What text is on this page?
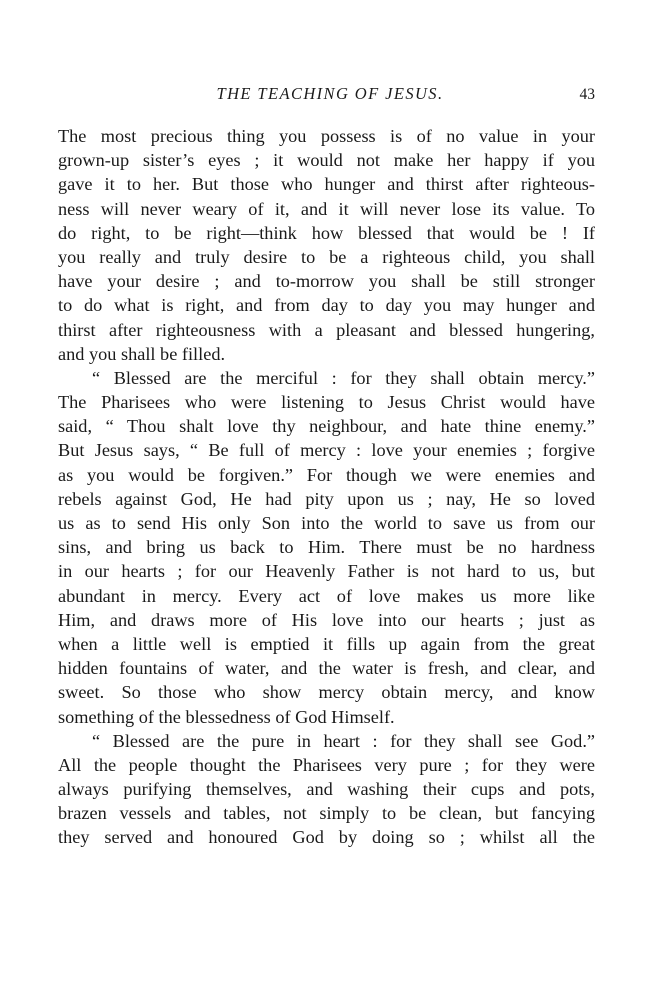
THE TEACHING OF JESUS.	43
The most precious thing you possess is of no value in your
grown-up sister’s eyes ; it would not make her happy if you
gave it to her. But those who hunger and thirst after righteous-
ness will never weary of it, and it will never lose its value. To
do right, to be right—think how blessed that would be ! If
you really and truly desire to be a righteous child, you shall
have your desire ; and to-morrow you shall be still stronger
to do what is right, and from day to day you may hunger and
thirst after righteousness with a pleasant and blessed hungering,
and you shall be filled.
“ Blessed are the merciful : for they shall obtain mercy.”
The Pharisees who were listening to Jesus Christ would have
said, “ Thou shalt love thy neighbour, and hate thine enemy.”
But Jesus says, “ Be full of mercy : love your enemies ; forgive
as you would be forgiven.” For though we were enemies and
rebels against God, He had pity upon us ; nay, He so loved
us as to send His only Son into the world to save us from our
sins, and bring us back to Him. There must be no hardness
in our hearts ; for our Heavenly Father is not hard to us, but
abundant in mercy. Every act of love makes us more like
Him, and draws more of His love into our hearts ; just as
when a little well is emptied it fills up again from the great
hidden fountains of water, and the water is fresh, and clear, and
sweet. So those who show mercy obtain mercy, and know
something of the blessedness of God Himself.
“ Blessed are the pure in heart : for they shall see God.”
All the people thought the Pharisees very pure ; for they were
always purifying themselves, and washing their cups and pots,
brazen vessels and tables, not simply to be clean, but fancying
they served and honoured God by doing so ; whilst all the
